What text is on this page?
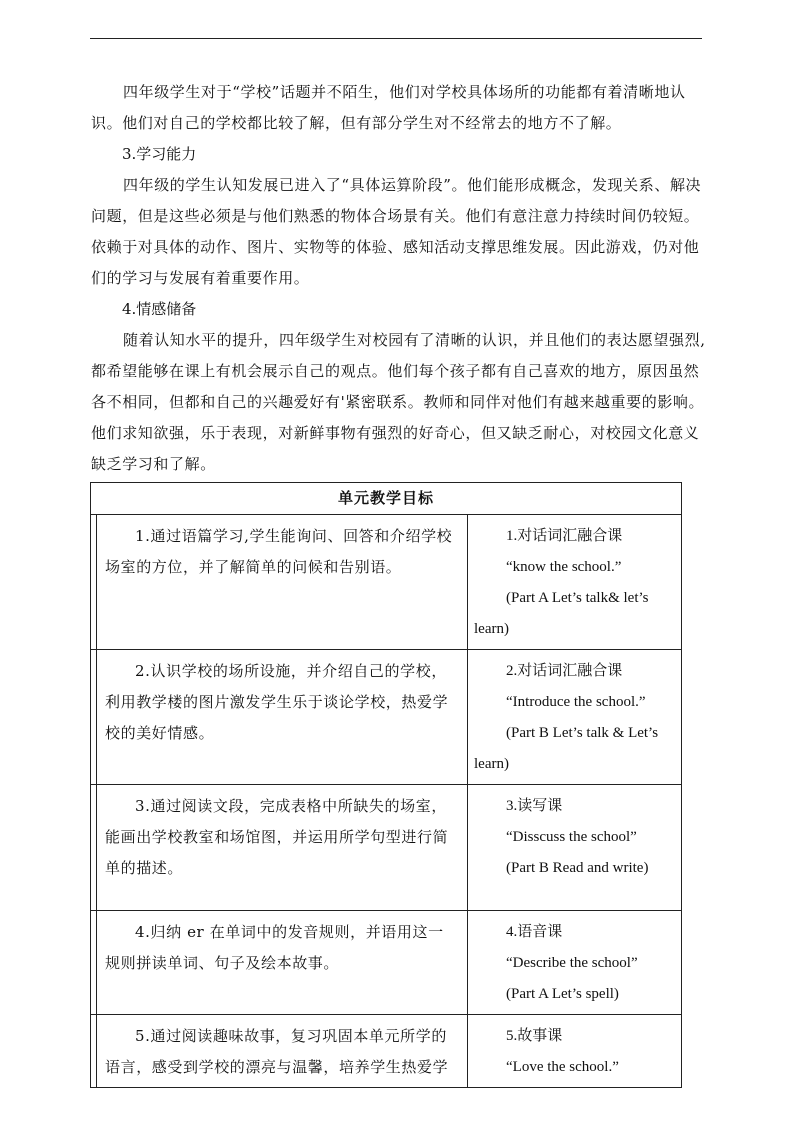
四年级学生对于“学校”话题并不陌生，他们对学校具体场所的功能都有着清晰地认识。他们对自己的学校都比较了解，但有部分学生对不经常去的地方不了解。

3.学习能力

四年级的学生认知发展已进入了“具体运算阶段”。他们能形成概念，发现关系、解决问题，但是这些必须是与他们熟悉的物体合场景有关。他们有意注意力持续时间仍较短。依赖于对具体的动作、图片、实物等的体验、感知活动支撑思维发展。因此游戏，仍对他们的学习与发展有着重要作用。

4.情感储备

随着认知水平的提升，四年级学生对校园有了清晰的认识，并且他们的表达愿望强烈,都希望能够在课上有机会展示自己的观点。他们每个孩子都有自己喜欢的地方，原因虽然各不相同，但都和自己的兴趣爱好有'紧密联系。教师和同伴对他们有越来越重要的影响。他们求知欲强，乐于表现，对新鲜事物有强烈的好奇心，但又缺乏耐心，对校园文化意义缺乏学习和了解。

单元教学目标		
	1.通过语篇学习,学生能询问、回答和介绍学校场室的方位，并了解简单的问候和告别语。	1.对话词汇融合课
“know the school.”
(Part A Let’s talk& let’s learn)

	2.认识学校的场所设施，并介绍自己的学校，利用教学楼的图片激发学生乐于谈论学校，热爱学校的美好情感。	2.对话词汇融合课
“Introduce the school.”
(Part B Let’s talk & Let’s learn)

	3.通过阅读文段，完成表格中所缺失的场室，能画出学校教室和场馆图，并运用所学句型进行简单的描述。	3.读写课
“Disscuss the school”
(Part B Read and write)

	4.归纳 er 在单词中的发音规则，并语用这一规则拼读单词、句子及绘本故事。	4.语音课
“Describe the school”
(Part A Let’s spell)

	5.通过阅读趣味故事，复习巩固本单元所学的语言，感受到学校的漂亮与温馨，培养学生热爱学	5.故事课
“Love the school.”
